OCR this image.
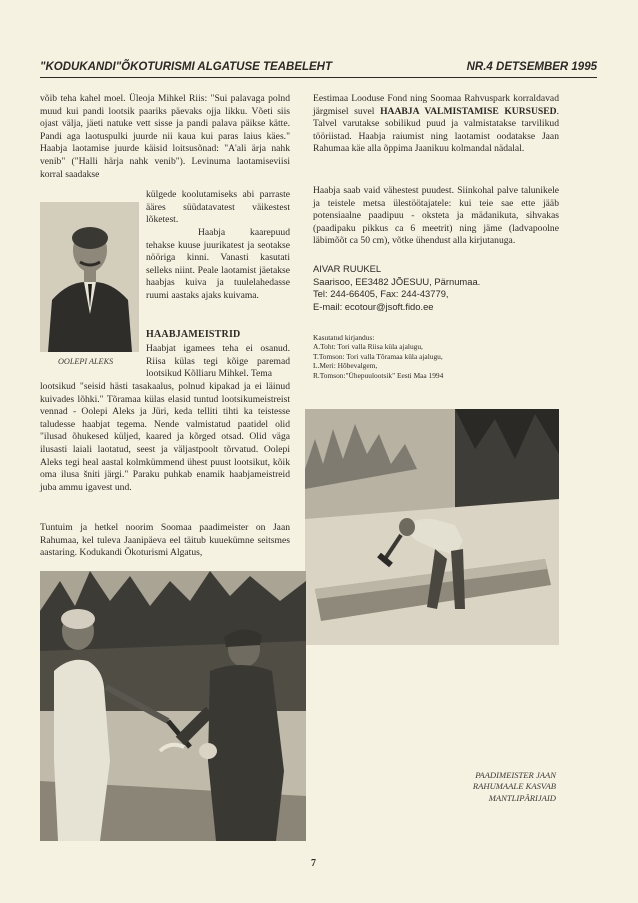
"KODUKANDI"ÕKOTURISMI ALGATUSE TEABELEHT	NR.4 DETSEMBER 1995

võib teha kahel moel. Üleoja Mihkel Riis: "Sui palavaga polnd muud kui pandi lootsik paariks päevaks ojja likku. Võeti siis ojast välja, jäeti natuke vett sisse ja pandi palava päikse kätte. Pandi aga laotuspulki juurde nii kaua kui paras laius käes." Haabja laotamise juurde käisid loitsusõnad: "A'ali ärja nahk venib" ("Halli härja nahk venib"). Levinuma laotamiseviisi korral saadakse

OOLEPI ALEKS

külgede koolutamiseks abi parraste ääres süüdatavatest väikestest lõketest.

Haabja kaarepuud tehakse kuuse juurikatest ja seotakse nööriga kinni. Vanasti kasutati selleks niint. Peale laotamist jäetakse haabjas kuiva ja tuulelahedasse ruumi aastaks ajaks kuivama.

HAABJAMEISTRID

Haabjat igamees teha ei osanud. Riisa külas tegi kõige paremad lootsikud Kõlliaru Mihkel. Tema

lootsikud "seisid hästi tasakaalus, polnud kipakad ja ei läinud kuivades lõhki." Tõramaa külas elasid tuntud lootsikumeistreist vennad - Oolepi Aleks ja Jüri, keda telliti tihti ka teistesse taludesse haabjat tegema. Nende valmistatud paatidel olid "ilusad õhukesed küljed, kaared ja kõrged otsad. Olid väga ilusasti laiali laotatud, seest ja väljastpoolt tõrvatud. Oolepi Aleks tegi heal aastal kolmkümmend ühest puust lootsikut, kõik oma ilusa šniti järgi." Paraku puhkab enamik haabjameistreid juba ammu igavest und.

Tuntuim ja hetkel noorim Soomaa paadimeister on Jaan Rahumaa, kel tuleva Jaanipäeva eel täitub kuuekümne seitsmes aastaring. Kodukandi Ökoturismi Algatus,

Eestimaa Looduse Fond ning Soomaa Rahvuspark korraldavad järgmisel suvel HAABJA VALMISTAMISE KURSUSED. Talvel varutakse sobilikud puud ja valmistatakse tarvilikud tööriistad. Haabja raiumist ning laotamist oodatakse Jaan Rahumaa käe alla õppima Jaanikuu kolmandal nädalal.

Haabja saab vaid vähestest puudest. Siinkohal palve talunikele ja teistele metsa ülestöötajatele: kui teie sae ette jääb potensiaalne paadipuu - oksteta ja mädanikuta, sihvakas (paadipaku pikkus ca 6 meetrit) ning jäme (ladvapoolne läbimõõt ca 50 cm), võtke ühendust alla kirjutanuga.

AIVAR RUUKEL
Saarisoo, EE3482 JÕESUU, Pärnumaa.
Tel: 244-66405, Fax: 244-43779,
E-mail: ecotour@jsoft.fido.ee
Kasutatud kirjandus:
A.Toht: Tori valla Riisa küla ajalugu,
T.Tomson: Tori valla Tõramaa küla ajalugu,
L.Meri: Hõbevalgem,
R.Tomson:"Ühepuulootsik" Eesti Maa 1994
PAADIMEISTER JAAN
RAHUMAALE KASVAB
MANTLIPÄRIJAID
7
